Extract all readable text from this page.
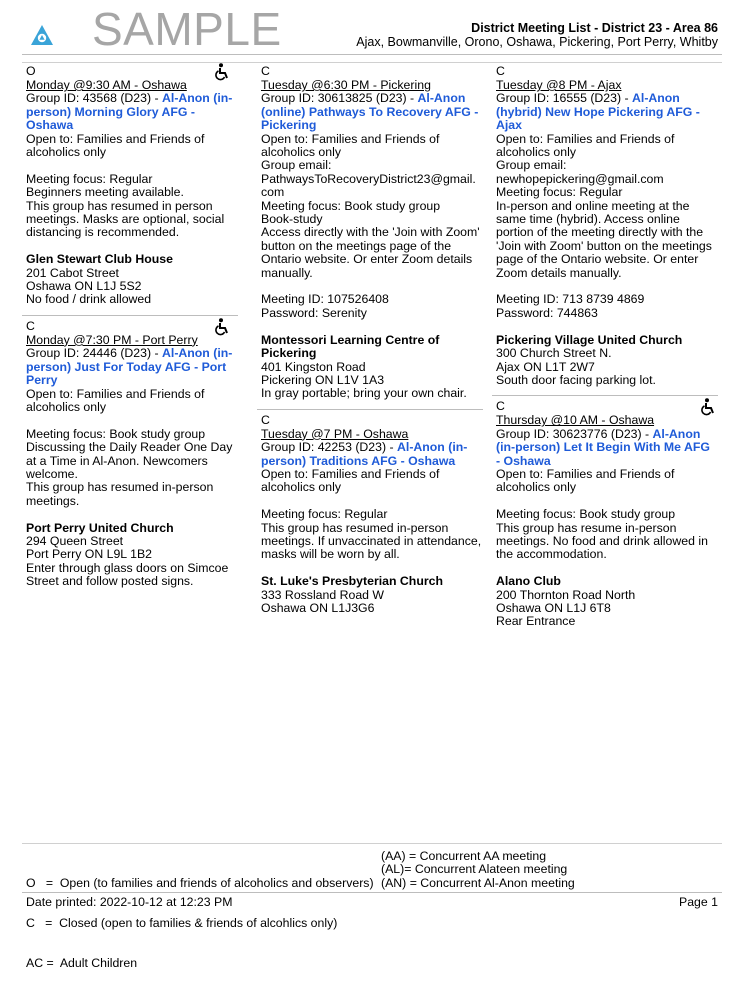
SAMPLE	District Meeting List - District 23 - Area 86
Ajax, Bowmanville, Orono, Oshawa, Pickering, Port Perry, Whitby
O
Monday @9:30 AM - Oshawa
Group ID: 43568 (D23) - Al-Anon (in-person) Morning Glory AFG - Oshawa
Open to: Families and Friends of alcoholics only
Meeting focus: Regular
Beginners meeting available.
This group has resumed in person meetings. Masks are optional, social distancing is recommended.
Glen Stewart Club House
201 Cabot Street
Oshawa ON L1J 5S2
No food / drink allowed
C
Monday @7:30 PM - Port Perry
Group ID: 24446 (D23) - Al-Anon (in-person) Just For Today AFG - Port Perry
Open to: Families and Friends of alcoholics only
Meeting focus: Book study group
Discussing the Daily Reader One Day at a Time in Al-Anon. Newcomers welcome.
This group has resumed in-person meetings.
Port Perry United Church
294 Queen Street
Port Perry ON L9L 1B2
Enter through glass doors on Simcoe Street and follow posted signs.
C
Tuesday @6:30 PM - Pickering
Group ID: 30613825 (D23) - Al-Anon (online) Pathways To Recovery AFG - Pickering
Open to: Families and Friends of alcoholics only
Group email:
PathwaysToRecoveryDistrict23@gmail.
com
Meeting focus: Book study group
Book-study
Access directly with the 'Join with Zoom' button on the meetings page of the Ontario website. Or enter Zoom details manually.
Meeting ID: 107526408
Password: Serenity
Montessori Learning Centre of Pickering
401 Kingston Road
Pickering ON L1V 1A3
In gray portable; bring your own chair.
C
Tuesday @7 PM - Oshawa
Group ID: 42253 (D23) - Al-Anon (in-person) Traditions AFG - Oshawa
Open to: Families and Friends of alcoholics only
Meeting focus: Regular
This group has resumed in-person meetings. If unvaccinated in attendance, masks will be worn by all.
St. Luke's Presbyterian Church
333 Rossland Road W
Oshawa ON L1J3G6
C
Tuesday @8 PM - Ajax
Group ID: 16555 (D23) - Al-Anon (hybrid) New Hope Pickering AFG - Ajax
Open to: Families and Friends of alcoholics only
Group email:
newhopepickering@gmail.com
Meeting focus: Regular
In-person and online meeting at the same time (hybrid). Access online portion of the meeting directly with the 'Join with Zoom' button on the meetings page of the Ontario website. Or enter Zoom details manually.
Meeting ID: 713 8739 4869
Password: 744863
Pickering Village United Church
300 Church Street N.
Ajax ON L1T 2W7
South door facing parking lot.
C
Thursday @10 AM - Oshawa
Group ID: 30623776 (D23) - Al-Anon (in-person) Let It Begin With Me AFG - Oshawa
Open to: Families and Friends of alcoholics only
Meeting focus: Book study group
This group has resume in-person meetings. No food and drink allowed in the accommodation.
Alano Club
200 Thornton Road North
Oshawa ON L1J 6T8
Rear Entrance

O   =  Open (to families and friends of alcoholics and observers)

C   =  Closed (open to families & friends of alcohlics only)

AC =  Adult Children

(AA) = Concurrent AA meeting
(AL)= Concurrent Alateen meeting
(AN) = Concurrent Al-Anon meeting
Date printed: 2022-10-12 at 12:23 PM	Page 1
